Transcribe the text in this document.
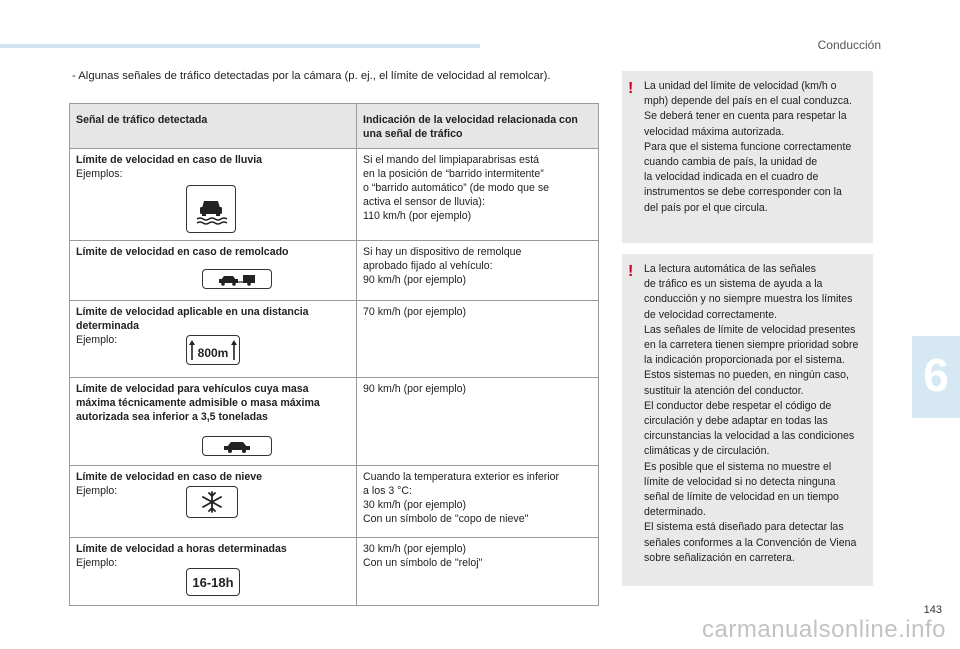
Conducción
- Algunas señales de tráfico detectadas por la cámara (p. ej., el límite de velocidad al remolcar).
Señal de tráfico detectada	Indicación de la velocidad relacionada con una señal de tráfico

Límite de velocidad en caso de lluvia
Ejemplos:	Si el mando del limpiaparabrisas está
en la posición de “barrido intermitente”
o “barrido automático” (de modo que se
activa el sensor de lluvia):
110 km/h (por ejemplo)

Límite de velocidad en caso de remolcado	Si hay un dispositivo de remolque
aprobado fijado al vehículo:
90 km/h (por ejemplo)

Límite de velocidad aplicable en una distancia determinada
Ejemplo:
800m	70 km/h (por ejemplo)

Límite de velocidad para vehículos cuya masa máxima técnicamente admisible o masa máxima autorizada sea inferior a 3,5 toneladas	90 km/h (por ejemplo)

Límite de velocidad en caso de nieve
Ejemplo:	Cuando la temperatura exterior es inferior
a los 3 °C:
30 km/h (por ejemplo)
Con un símbolo de "copo de nieve"

Límite de velocidad a horas determinadas
Ejemplo:
16-18h	30 km/h (por ejemplo)
Con un símbolo de "reloj"
! La unidad del límite de velocidad (km/h o
mph) depende del país en el cual conduzca.
Se deberá tener en cuenta para respetar la
velocidad máxima autorizada.
Para que el sistema funcione correctamente
cuando cambia de país, la unidad de
la velocidad indicada en el cuadro de
instrumentos se debe corresponder con la
del país por el que circula.
! La lectura automática de las señales
de tráfico es un sistema de ayuda a la
conducción y no siempre muestra los límites
de velocidad correctamente.
Las señales de límite de velocidad presentes
en la carretera tienen siempre prioridad sobre
la indicación proporcionada por el sistema.
Estos sistemas no pueden, en ningún caso,
sustituir la atención del conductor.
El conductor debe respetar el código de
circulación y debe adaptar en todas las
circunstancias la velocidad a las condiciones
climáticas y de circulación.
Es posible que el sistema no muestre el
límite de velocidad si no detecta ninguna
señal de límite de velocidad en un tiempo
determinado.
El sistema está diseñado para detectar las
señales conformes a la Convención de Viena
sobre señalización en carretera.
6
143
carmanualsonline.info
